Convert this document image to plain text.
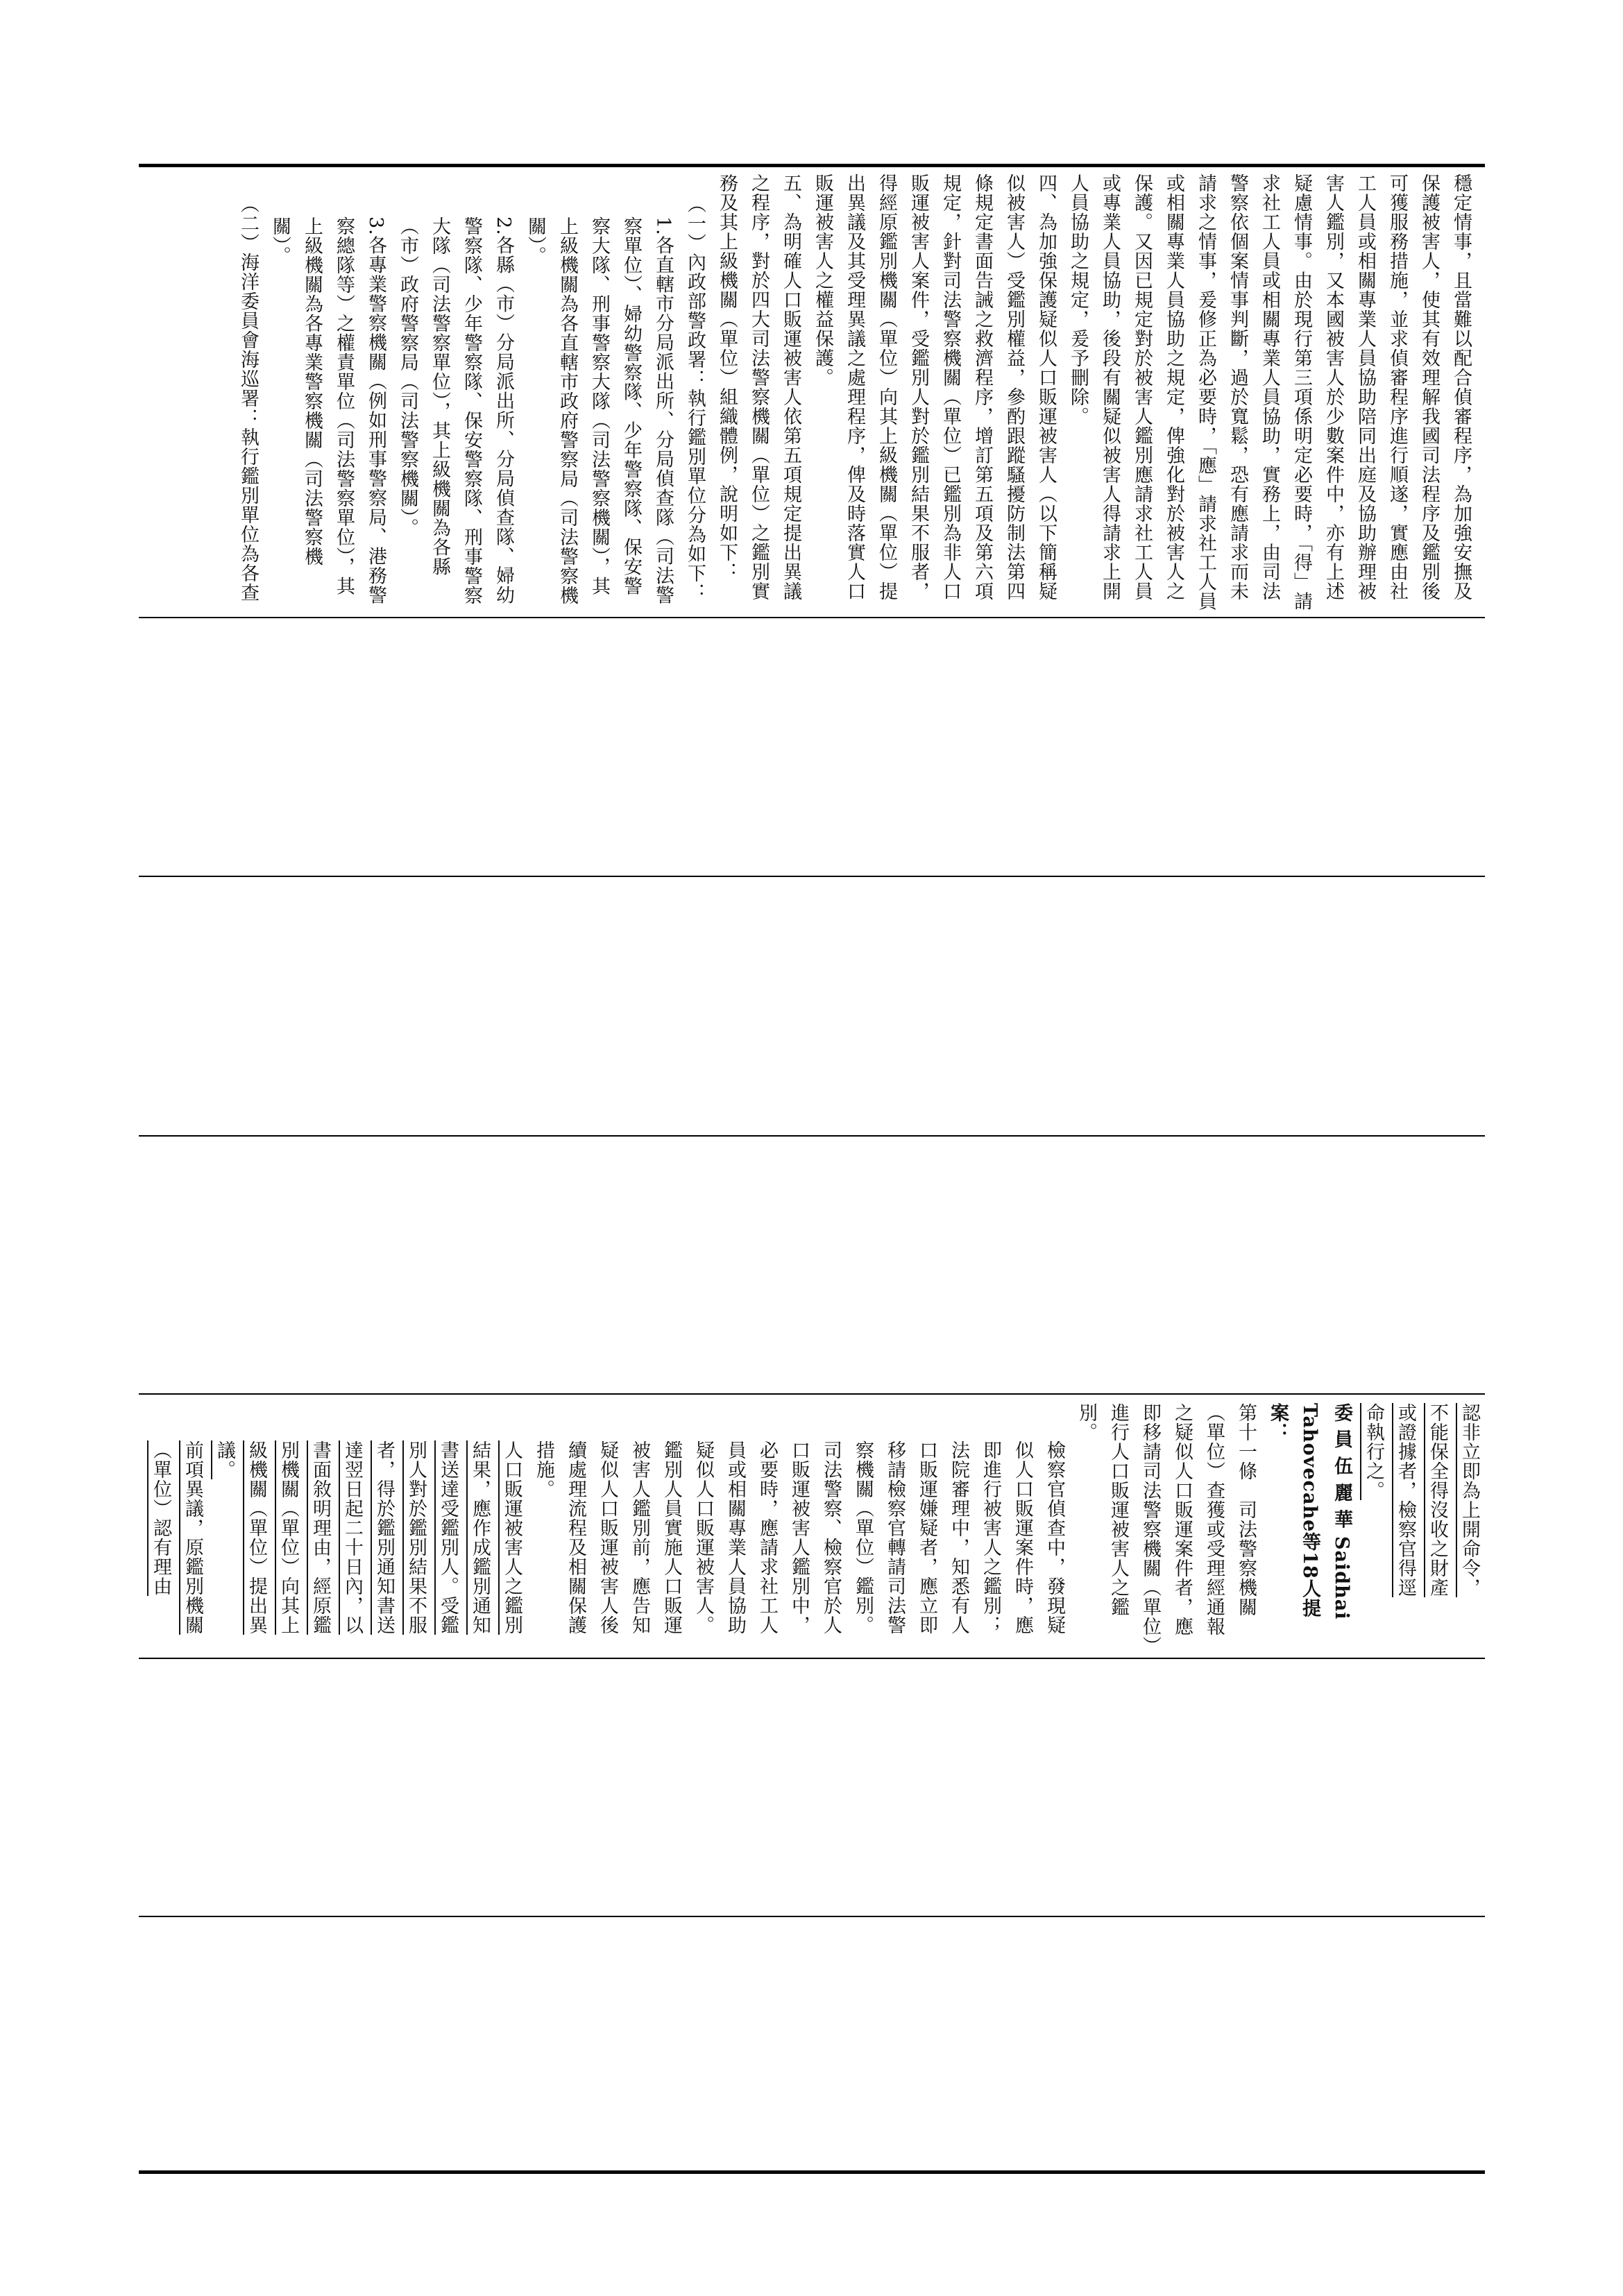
穩定情事，且當難以配合偵審程序，為加強安撫及保護被害人，使其有效理解我國司法程序及鑑別後可獲服務措施，並求偵審程序進行順遂，實應由社工人員或相關專業人員協助陪同出庭及協助辦理被害人鑑別，又本國被害人於少數案件中，亦有上述疑慮情事。由於現行第三項係明定必要時，「得」請求社工人員或相關專業人員協助，實務上，由司法警察依個案情事判斷，過於寬鬆，恐有應請求而未請求之情事，爰修正為必要時，「應」請求社工人員或相關專業人員協助之規定，俾強化對於被害人之保護。又因已規定對於被害人鑑別應請求社工人員或專業人員協助，後段有關疑似被害人得請求上開人員協助之規定，爰予刪除。

四、為加強保護疑似人口販運被害人（以下簡稱疑似被害人）受鑑別權益，參酌跟蹤騷擾防制法第四條規定書面告誡之救濟程序，增訂第五項及第六項規定，針對司法警察機關（單位）已鑑別為非人口販運被害人案件，受鑑別人對於鑑別結果不服者，得經原鑑別機關（單位）向其上級機關（單位）提出異議及其受理異議之處理程序，俾及時落實人口販運被害人之權益保護。

五、為明確人口販運被害人依第五項規定提出異議之程序，對於四大司法警察機關（單位）之鑑別實務及其上級機關（單位）組織體例，說明如下：

（一）內政部警政署：執行鑑別單位分為如下：

1.各直轄市分局派出所、分局偵查隊（司法警察單位）、婦幼警察隊、少年警察隊、保安警察大隊、刑事警察大隊（司法警察機關），其上級機關為各直轄市政府警察局（司法警察機關）。

2.各縣（市）分局派出所、分局偵查隊、婦幼警察隊、少年警察隊、保安警察隊、刑事警察大隊（司法警察單位），其上級機關為各縣（市）政府警察局（司法警察機關）。

3.各專業警察機關（例如刑事警察局、港務警察總隊等）之權責單位（司法警察單位），其上級機關為各專業警察機關（司法警察機關）。

（二）海洋委員會海巡署：執行鑑別單位為各查

認非立即為上開命令，

不能保全得沒收之財產

或證據者，檢察官得逕

命執行之。

委 員 伍 麗 華 Saidhai Tahovecahe等18人提案：

第十一條　司法警察機關（單位）查獲或受理經通報之疑似人口販運案件者，應即移請司法警察機關（單位）進行人口販運被害人之鑑別。

檢察官偵查中，發現疑似人口販運案件時，應即進行被害人之鑑別；法院審理中，知悉有人口販運嫌疑者，應立即移請檢察官轉請司法警察機關（單位）鑑別。

司法警察、檢察官於人口販運被害人鑑別中，必要時，應請求社工人員或相關專業人員協助疑似人口販運被害人。

鑑別人員實施人口販運被害人鑑別前，應告知疑似人口販運被害人後續處理流程及相關保護措施。

人口販運被害人之鑑別結果，應作成鑑別通知書送達受鑑別人。受鑑別人對於鑑別結果不服者，得於鑑別通知書送達翌日起二十日內，以書面敘明理由，經原鑑別機關（單位）向其上級機關（單位）提出異議。

前項異議，原鑑別機關（單位）認有理由
